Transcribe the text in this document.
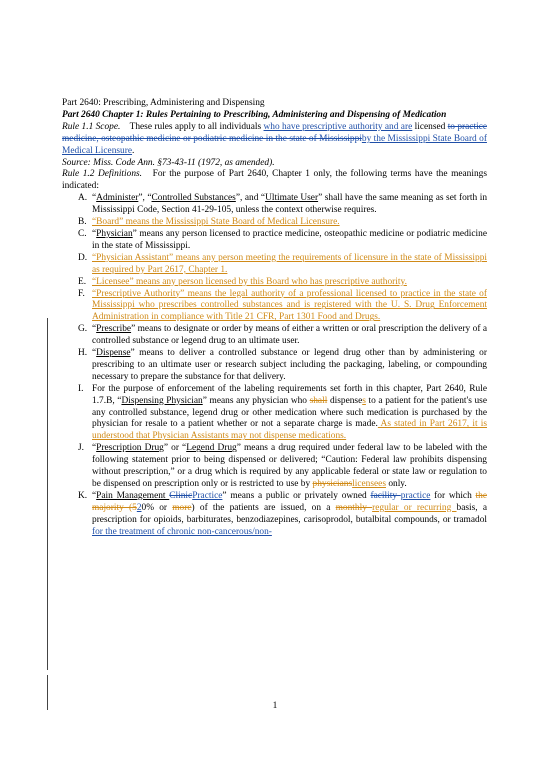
Part 2640: Prescribing, Administering and Dispensing

Part 2640 Chapter 1: Rules Pertaining to Prescribing, Administering and Dispensing of Medication

Rule 1.1 Scope. These rules apply to all individuals who have prescriptive authority and are licensed to practice medicine, osteopathic medicine or podiatric medicine in the state of Mississippiby the Mississippi State Board of Medical Licensure.

Source: Miss. Code Ann. §73-43-11 (1972, as amended).

Rule 1.2 Definitions. For the purpose of Part 2640, Chapter 1 only, the following terms have the meanings indicated:

A. “Administer”, “Controlled Substances”, and “Ultimate User” shall have the same meaning as set forth in Mississippi Code, Section 41-29-105, unless the context otherwise requires.
B. “Board” means the Mississippi State Board of Medical Licensure.
C. “Physician” means any person licensed to practice medicine, osteopathic medicine or podiatric medicine in the state of Mississippi.
D. “Physician Assistant” means any person meeting the requirements of licensure in the state of Mississippi as required by Part 2617, Chapter 1.
E. “Licensee” means any person licensed by this Board who has prescriptive authority.
F. “Prescriptive Authority” means the legal authority of a professional licensed to practice in the state of Mississippi who prescribes controlled substances and is registered with the U. S. Drug Enforcement Administration in compliance with Title 21 CFR, Part 1301 Food and Drugs.
G. “Prescribe” means to designate or order by means of either a written or oral prescription the delivery of a controlled substance or legend drug to an ultimate user.
H. “Dispense” means to deliver a controlled substance or legend drug other than by administering or prescribing to an ultimate user or research subject including the packaging, labeling, or compounding necessary to prepare the substance for that delivery.
I. For the purpose of enforcement of the labeling requirements set forth in this chapter, Part 2640, Rule 1.7.B, “Dispensing Physician” means any physician who shall dispenses to a patient for the patient's use any controlled substance, legend drug or other medication where such medication is purchased by the physician for resale to a patient whether or not a separate charge is made. As stated in Part 2617, it is understood that Physician Assistants may not dispense medications.
J. “Prescription Drug” or “Legend Drug” means a drug required under federal law to be labeled with the following statement prior to being dispensed or delivered; “Caution: Federal law prohibits dispensing without prescription,” or a drug which is required by any applicable federal or state law or regulation to be dispensed on prescription only or is restricted to use by physicianslicensees only.
K. “Pain Management ClinicPractice” means a public or privately owned facility practice for which the majority (520% or more) of the patients are issued, on a monthly regular or recurring basis, a prescription for opioids, barbiturates, benzodiazepines, carisoprodol, butalbital compounds, or tramadol for the treatment of chronic non-cancerous/non-
1
